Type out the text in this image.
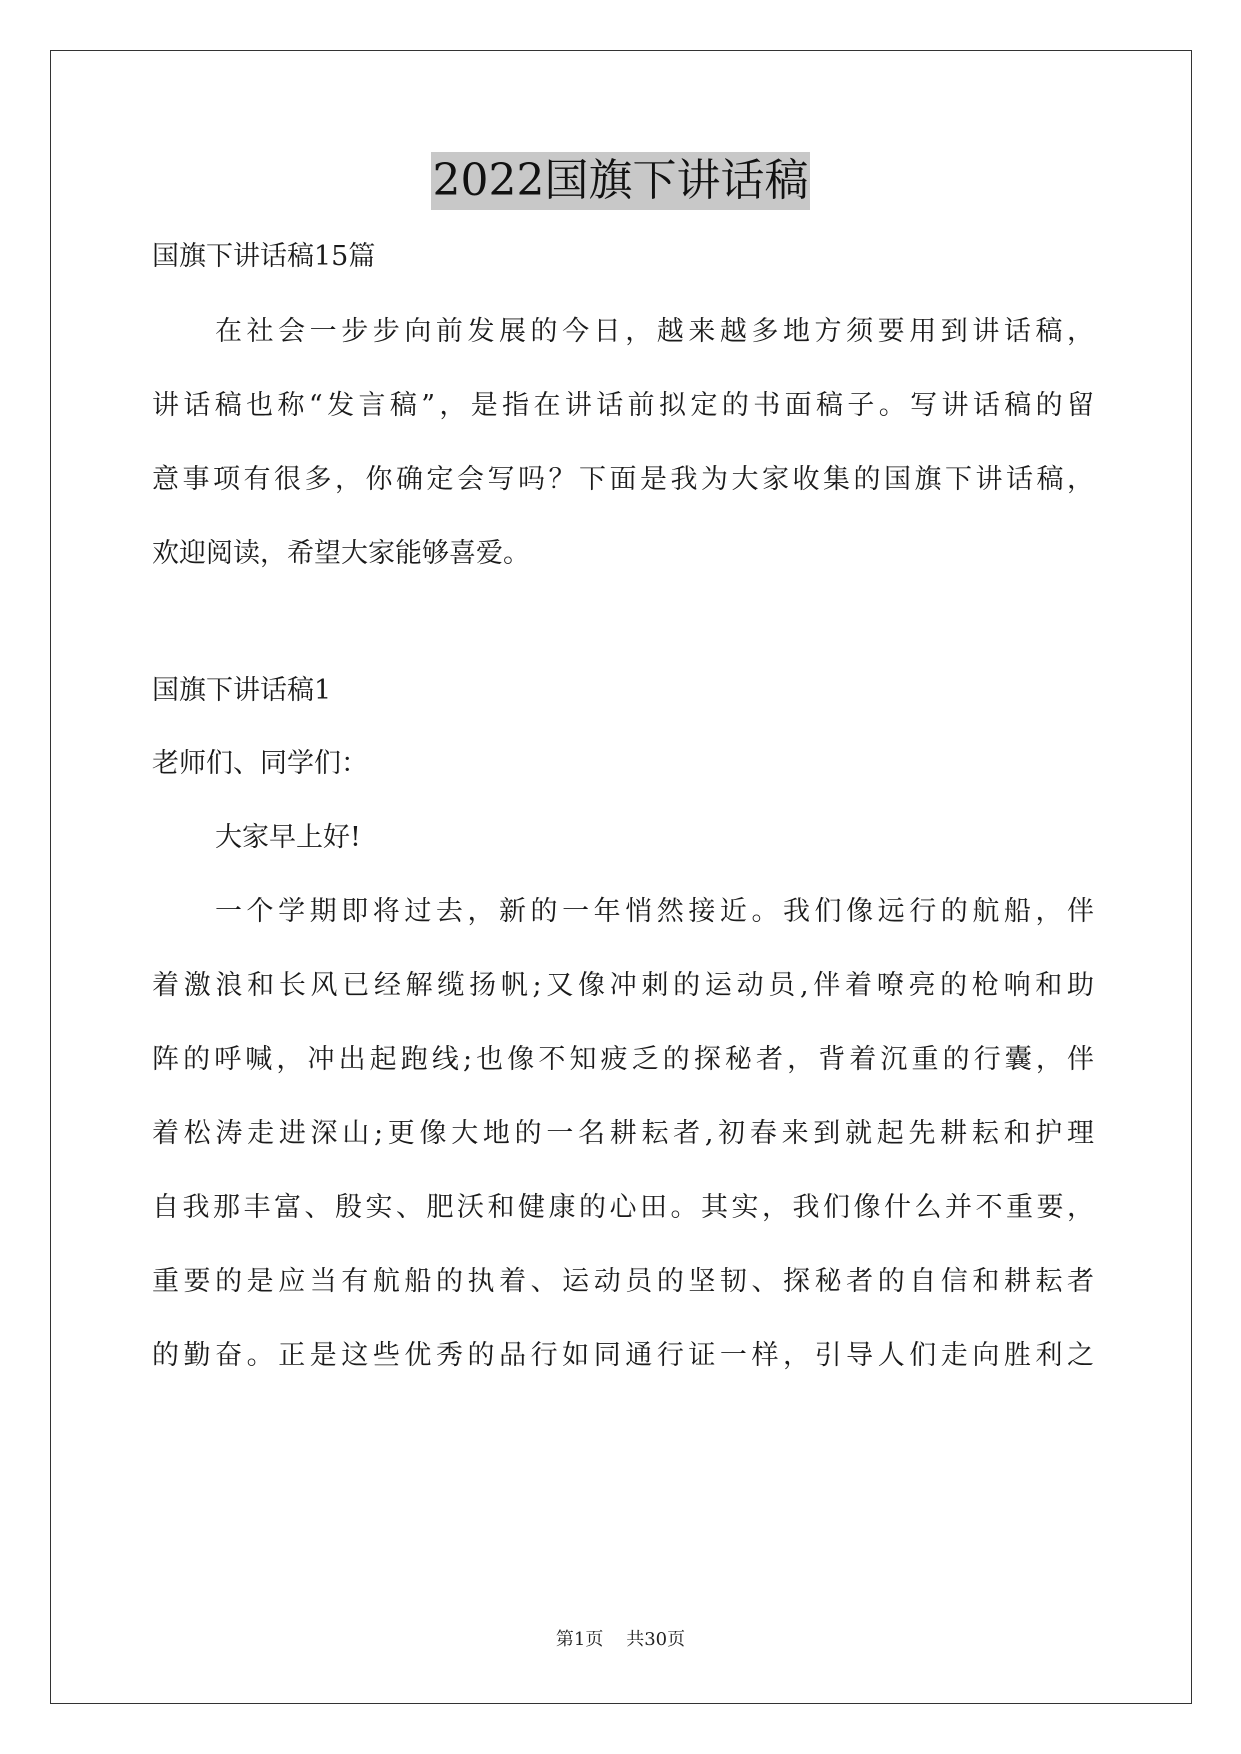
2022国旗下讲话稿
国旗下讲话稿15篇
在社会一步步向前发展的今日，越来越多地方须要用到讲话稿，
讲话稿也称“发言稿”，是指在讲话前拟定的书面稿子。写讲话稿的留
意事项有很多，你确定会写吗？下面是我为大家收集的国旗下讲话稿，
欢迎阅读，希望大家能够喜爱。
国旗下讲话稿1
老师们、同学们：
大家早上好!
一个学期即将过去，新的一年悄然接近。我们像远行的航船，伴
着激浪和长风已经解缆扬帆;又像冲刺的运动员,伴着嘹亮的枪响和助
阵的呼喊，冲出起跑线;也像不知疲乏的探秘者，背着沉重的行囊，伴
着松涛走进深山;更像大地的一名耕耘者,初春来到就起先耕耘和护理
自我那丰富、殷实、肥沃和健康的心田。其实，我们像什么并不重要，
重要的是应当有航船的执着、运动员的坚韧、探秘者的自信和耕耘者
的勤奋。正是这些优秀的品行如同通行证一样，引导人们走向胜利之
第1页    共30页
